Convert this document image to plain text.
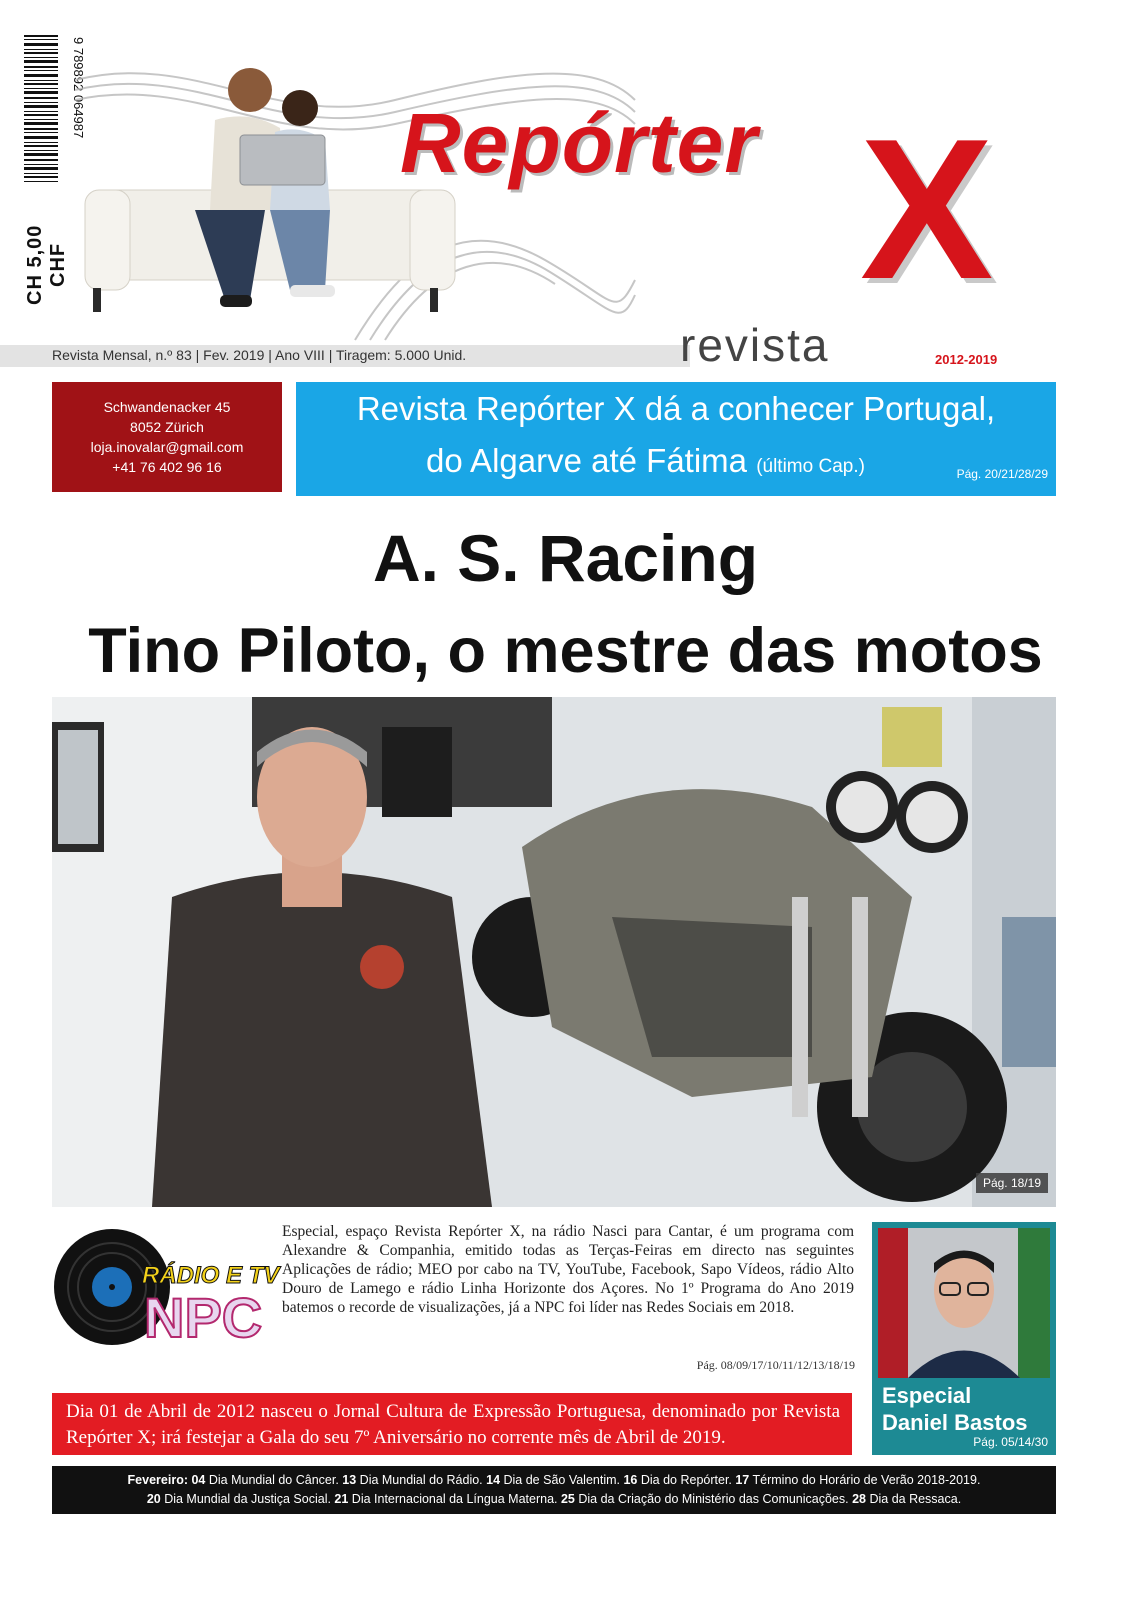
9 789892 064987
CH 5,00 CHF
Repórter X
Revista Mensal, n.º 83 | Fev. 2019 | Ano VIII | Tiragem: 5.000 Unid.	revista	2012-2019
Schwandenacker 45
8052 Zürich
loja.inovalar@gmail.com
+41 76 402 96 16
Revista Repórter X dá a conhecer Portugal,
do Algarve até Fátima (último Cap.)	Pág. 20/21/28/29
A. S. Racing
Tino Piloto, o mestre das motos
Pág. 18/19
RÁDIO E TV
NPC
Especial, espaço Revista Repórter X, na rádio Nasci para Cantar, é um programa com Alexandre & Companhia, emitido todas as Terças-Feiras em directo nas seguintes Aplicações de rádio; MEO por cabo na TV, YouTube, Facebook, Sapo Vídeos, rádio Alto Douro de Lamego e rádio Linha Horizonte dos Açores. No 1º Programa do Ano 2019 batemos o recorde de visualizações, já a NPC foi líder nas Redes Sociais em 2018.
Pág. 08/09/17/10/11/12/13/18/19
Dia 01 de Abril de 2012 nasceu o Jornal Cultura de Expressão Portuguesa, denominado por Revista Repórter X; irá festejar a Gala do seu 7º Aniversário no corrente mês de Abril de 2019.
Especial
Daniel Bastos
Pág. 05/14/30
Fevereiro: 04 Dia Mundial do Câncer. 13 Dia Mundial do Rádio. 14 Dia de São Valentim. 16 Dia do Repórter. 17 Término do Horário de Verão 2018-2019.
20 Dia Mundial da Justiça Social. 21 Dia Internacional da Língua Materna. 25 Dia da Criação do Ministério das Comunicações. 28 Dia da Ressaca.
